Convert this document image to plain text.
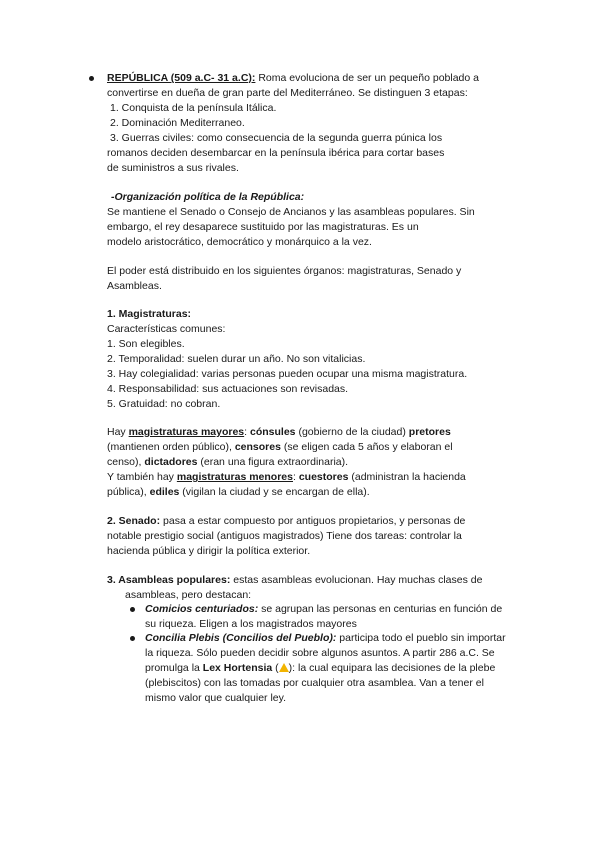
REPÚBLICA (509 a.C- 31 a.C): Roma evoluciona de ser un pequeño poblado a
convertirse en dueña de gran parte del Mediterráneo. Se distinguen 3 etapas:
1. Conquista de la península Itálica.
2. Dominación Mediterraneo.
3. Guerras civiles: como consecuencia de la segunda guerra púnica los
romanos deciden desembarcar en la península ibérica para cortar bases
de suministros a sus rivales.
-Organización política de la República:
Se mantiene el Senado o Consejo de Ancianos y las asambleas populares. Sin
embargo, el rey desaparece sustituido por las magistraturas. Es un
modelo aristocrático, democrático y monárquico a la vez.
El poder está distribuido en los siguientes órganos: magistraturas, Senado y
Asambleas.
1. Magistraturas:
Características comunes:
1. Son elegibles.
2. Temporalidad: suelen durar un año. No son vitalicias.
3. Hay colegialidad: varias personas pueden ocupar una misma magistratura.
4. Responsabilidad: sus actuaciones son revisadas.
5. Gratuidad: no cobran.
Hay magistraturas mayores: cónsules (gobierno de la ciudad) pretores
(mantienen orden público), censores (se eligen cada 5 años y elaboran el
censo), dictadores (eran una figura extraordinaria).
Y también hay magistraturas menores: cuestores (administran la hacienda
pública), ediles (vigilan la ciudad y se encargan de ella).
2. Senado: pasa a estar compuesto por antiguos propietarios, y personas de
notable prestigio social (antiguos magistrados) Tiene dos tareas: controlar la
hacienda pública y dirigir la política exterior.
3. Asambleas populares: estas asambleas evolucionan. Hay muchas clases de
asambleas, pero destacan:
Comicios centuriados: se agrupan las personas en centurias en función de
su riqueza. Eligen a los magistrados mayores
Concilia Plebis (Concilios del Pueblo): participa todo el pueblo sin importar
la riqueza. Sólo pueden decidir sobre algunos asuntos. A partir 286 a.C. Se
promulga la Lex Hortensia ( ): la cual equipara las decisiones de la plebe
(plebiscitos) con las tomadas por cualquier otra asamblea. Van a tener el
mismo valor que cualquier ley.
